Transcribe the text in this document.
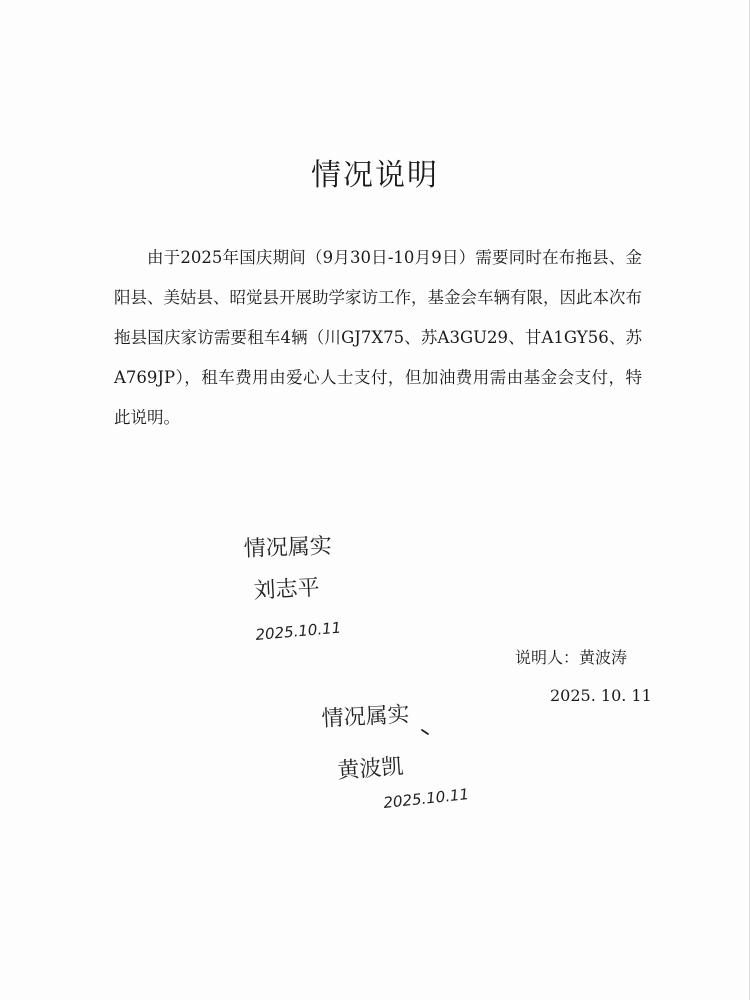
情况说明
由于2025年国庆期间（9月30日-10月9日）需要同时在布拖县、金阳县、美姑县、昭觉县开展助学家访工作，基金会车辆有限，因此本次布拖县国庆家访需要租车4辆（川GJ7X75、苏A3GU29、甘A1GY56、苏A769JP），租车费用由爱心人士支付，但加油费用需由基金会支付，特此说明。
情况属实
刘志平
2025.10.11
说明人：黄波涛
2025. 10. 11
情况属实
黄波凯
2025.10.11
